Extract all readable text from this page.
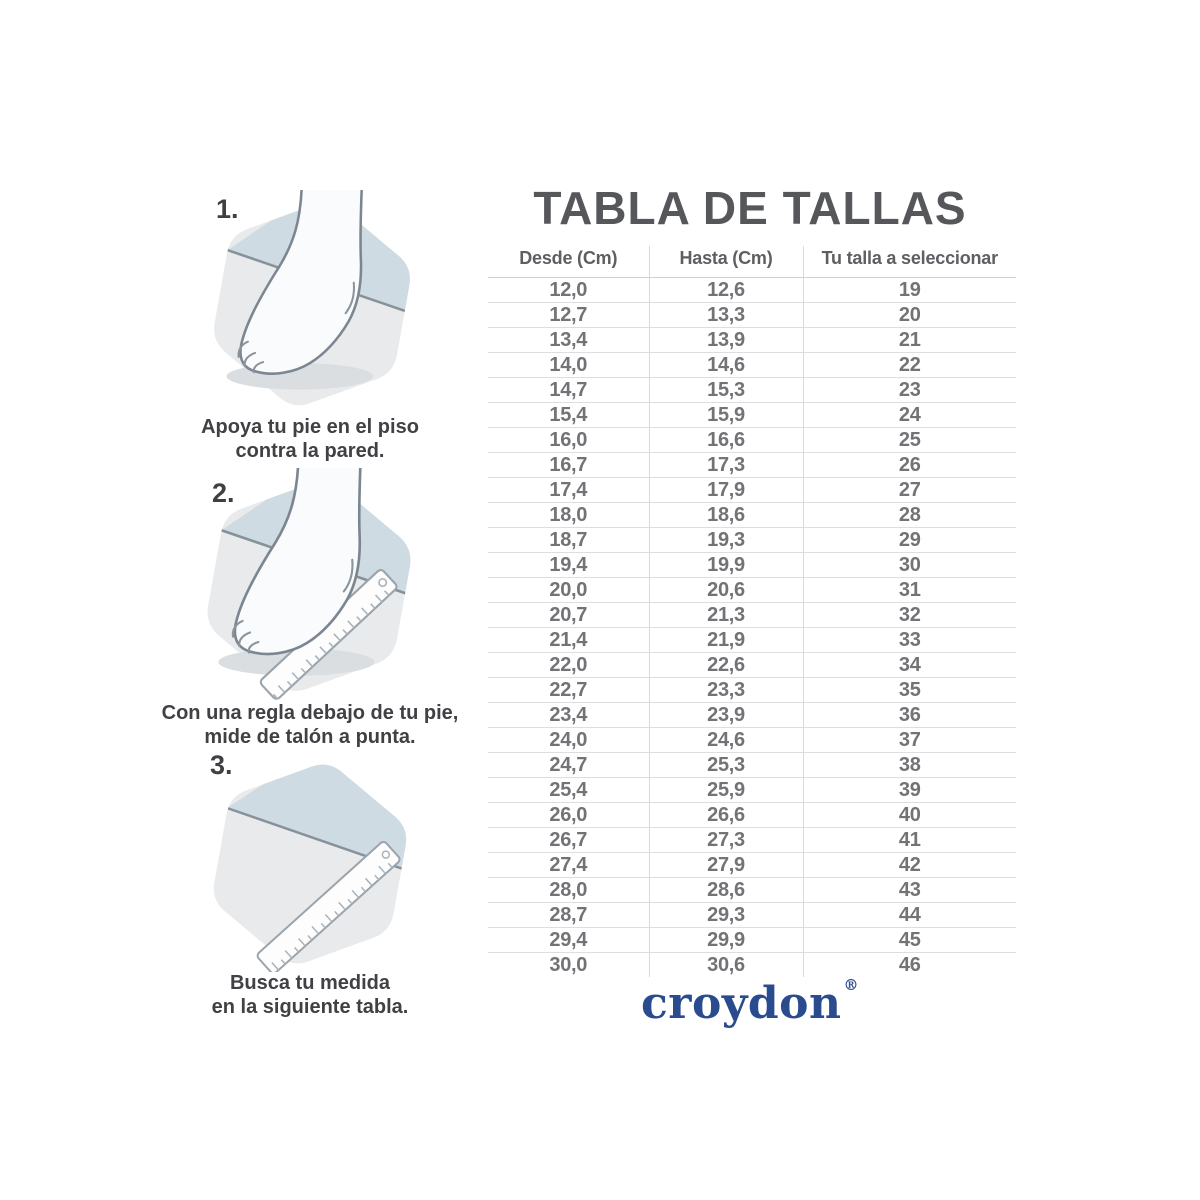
1.

Apoya tu pie en el piso
contra la pared.

2.

Con una regla debajo de tu pie,
mide de talón a punta.

3.

Busca tu medida
en la siguiente tabla.

TABLA DE TALLAS
Desde (Cm)	Hasta (Cm)	Tu talla a seleccionar
12,0	12,6	19
12,7	13,3	20
13,4	13,9	21
14,0	14,6	22
14,7	15,3	23
15,4	15,9	24
16,0	16,6	25
16,7	17,3	26
17,4	17,9	27
18,0	18,6	28
18,7	19,3	29
19,4	19,9	30
20,0	20,6	31
20,7	21,3	32
21,4	21,9	33
22,0	22,6	34
22,7	23,3	35
23,4	23,9	36
24,0	24,6	37
24,7	25,3	38
25,4	25,9	39
26,0	26,6	40
26,7	27,3	41
27,4	27,9	42
28,0	28,6	43
28,7	29,3	44
29,4	29,9	45
30,0	30,6	46
croydon ®
